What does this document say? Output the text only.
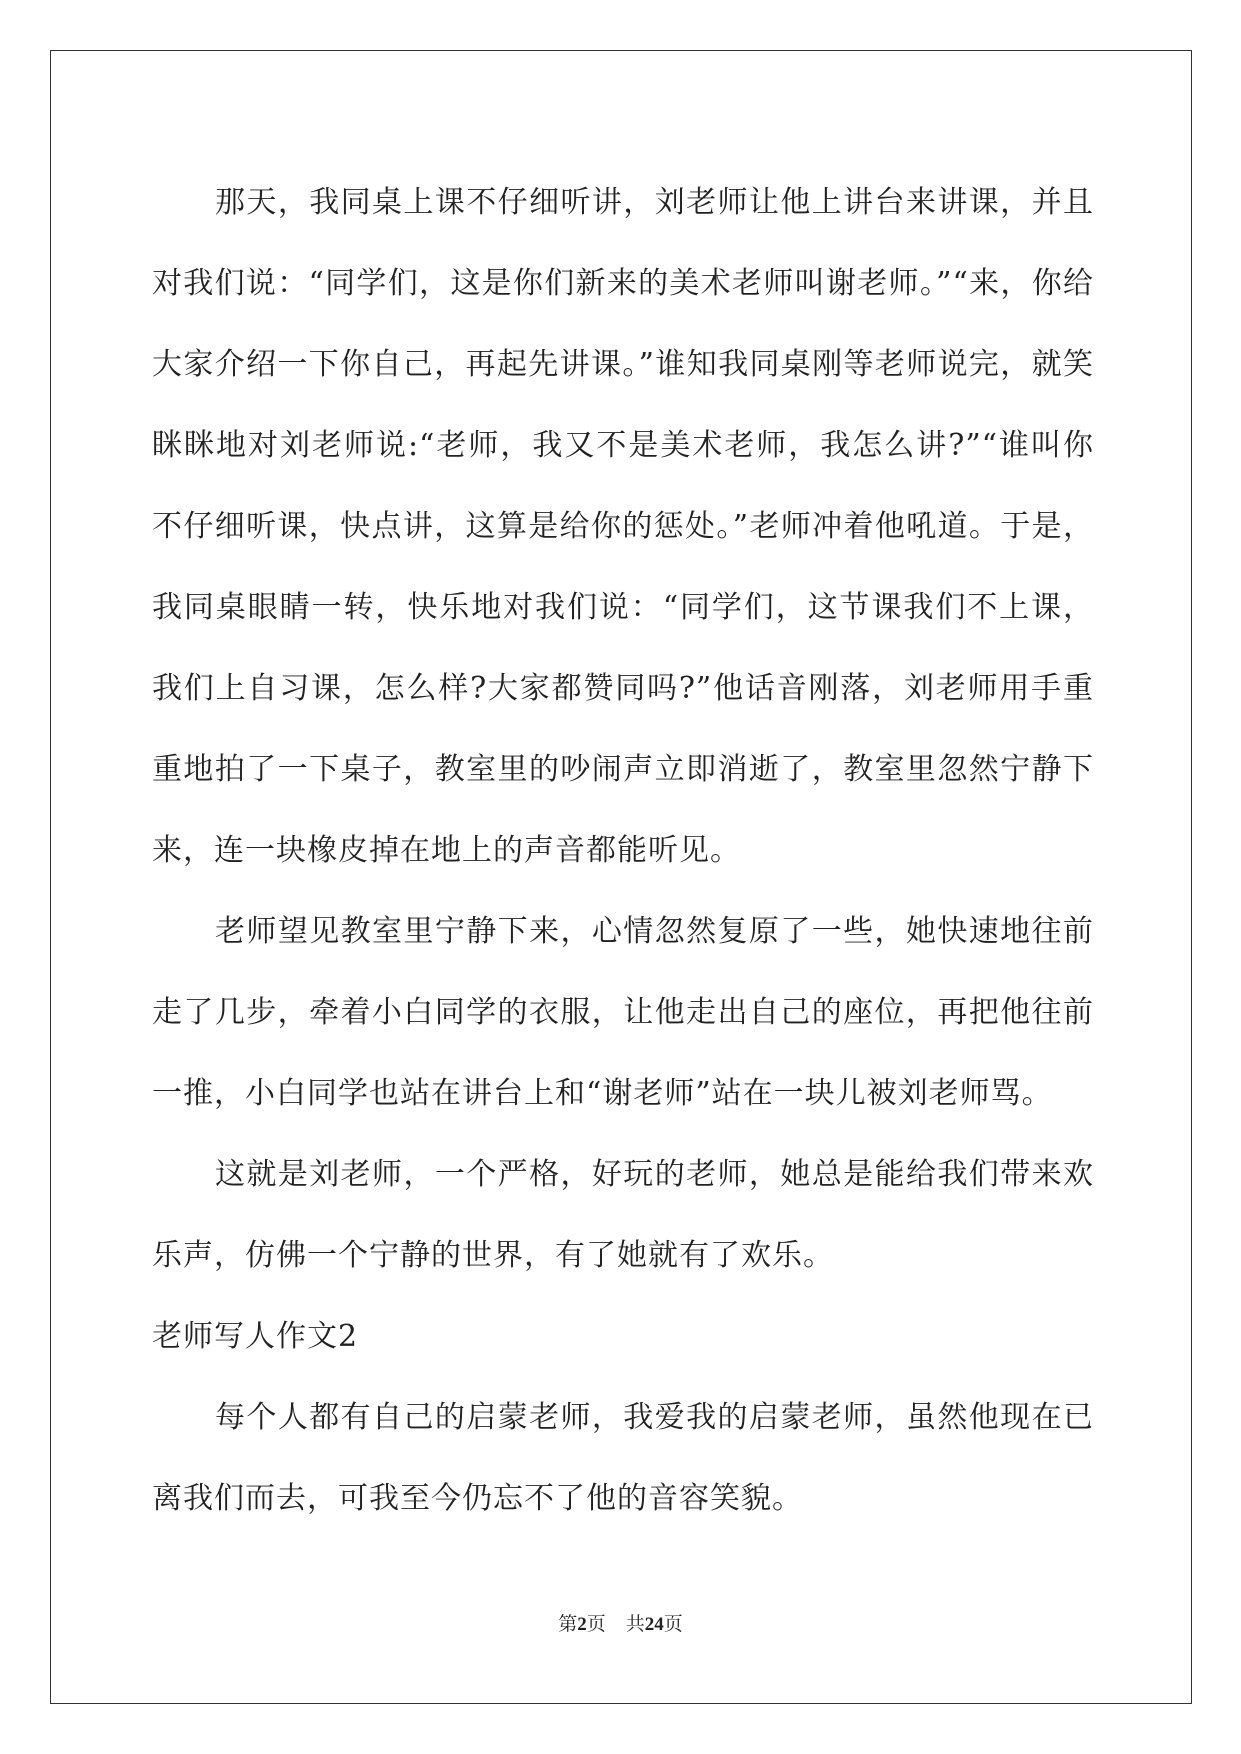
那天，我同桌上课不仔细听讲，刘老师让他上讲台来讲课，并且对我们说：“同学们，这是你们新来的美术老师叫谢老师。”“来，你给大家介绍一下你自己，再起先讲课。”谁知我同桌刚等老师说完，就笑眯眯地对刘老师说:“老师，我又不是美术老师，我怎么讲?”“谁叫你不仔细听课，快点讲，这算是给你的惩处。”老师冲着他吼道。于是，我同桌眼睛一转，快乐地对我们说：“同学们，这节课我们不上课，我们上自习课，怎么样?大家都赞同吗?”他话音刚落，刘老师用手重重地拍了一下桌子，教室里的吵闹声立即消逝了，教室里忽然宁静下来，连一块橡皮掉在地上的声音都能听见。

老师望见教室里宁静下来，心情忽然复原了一些，她快速地往前走了几步，牵着小白同学的衣服，让他走出自己的座位，再把他往前一推，小白同学也站在讲台上和“谢老师”站在一块儿被刘老师骂。

这就是刘老师，一个严格，好玩的老师，她总是能给我们带来欢乐声，仿佛一个宁静的世界，有了她就有了欢乐。

老师写人作文2

每个人都有自己的启蒙老师，我爱我的启蒙老师，虽然他现在已离我们而去，可我至今仍忘不了他的音容笑貌。

第2页 共24页
